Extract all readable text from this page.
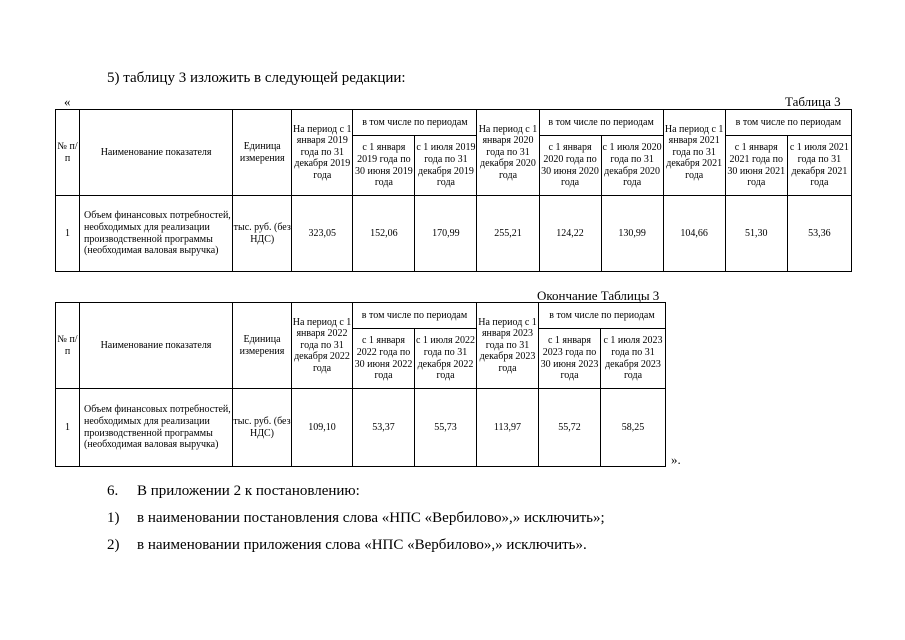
5) таблицу 3 изложить в следующей редакции:
«	Таблица 3
№ п/п	Наименование показателя	Единица измерения	На период с 1 января 2019 года по 31 декабря 2019 года	в том числе по периодам		На период с 1 января 2020 года по 31 декабря 2020 года	в том числе по периодам		На период с 1 января 2021 года по 31 декабря 2021 года	в том числе по периодам	
				с 1 января 2019 года по 30 июня 2019 года	с 1 июля 2019 года по 31 декабря 2019 года		с 1 января 2020 года по 30 июня 2020 года	с 1 июля 2020 года по 31 декабря 2020 года		с 1 января 2021 года по 30 июня 2021 года	с 1 июля 2021 года по 31 декабря 2021 года
1	Объем финансовых потребностей, необходимых для реализации производственной программы (необходимая валовая выручка)	тыс. руб. (без НДС)	323,05	152,06	170,99	255,21	124,22	130,99	104,66	51,30	53,36
Окончание Таблицы 3
№ п/п	Наименование показателя	Единица измерения	На период с 1 января 2022 года по 31 декабря 2022 года	в том числе по периодам		На период с 1 января 2023 года по 31 декабря 2023 года	в том числе по периодам	
				с 1 января 2022 года по 30 июня 2022 года	с 1 июля 2022 года по 31 декабря 2022 года		с 1 января 2023 года по 30 июня 2023 года	с 1 июля 2023 года по 31 декабря 2023 года
1	Объем финансовых потребностей, необходимых для реализации производственной программы (необходимая валовая выручка)	тыс. руб. (без НДС)	109,10	53,37	55,73	113,97	55,72	58,25
».
6. В приложении 2 к постановлению:
1) в наименовании постановления слова «НПС «Вербилово»,» исключить»;
2) в наименовании приложения слова «НПС «Вербилово»,» исключить».
